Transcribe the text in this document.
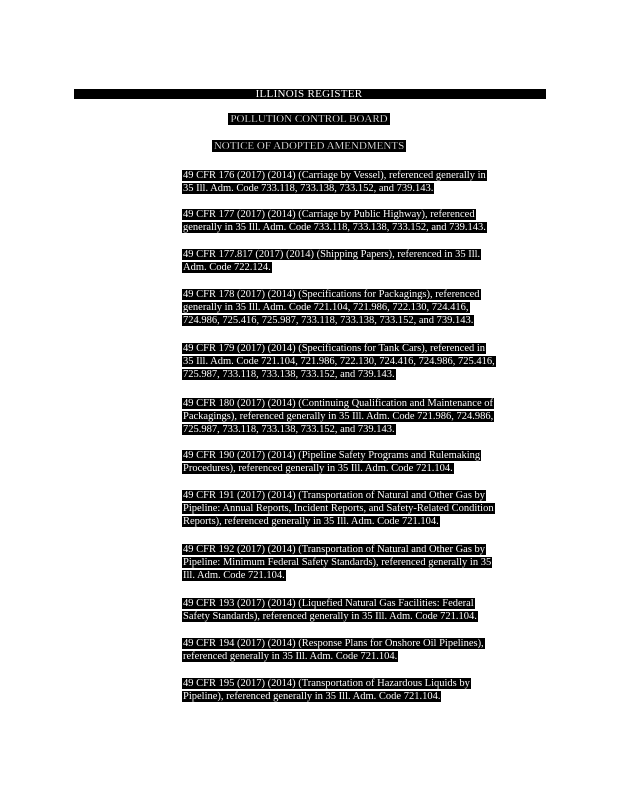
ILLINOIS REGISTER
POLLUTION CONTROL BOARD
NOTICE OF ADOPTED AMENDMENTS
49 CFR 176 (2017) (2014) (Carriage by Vessel), referenced generally in
35 Ill. Adm. Code 733.118, 733.138, 733.152, and 739.143.
49 CFR 177 (2017) (2014) (Carriage by Public Highway), referenced
generally in 35 Ill. Adm. Code 733.118, 733.138, 733.152, and 739.143.
49 CFR 177.817 (2017) (2014) (Shipping Papers), referenced in 35 Ill.
Adm. Code 722.124.
49 CFR 178 (2017) (2014) (Specifications for Packagings), referenced
generally in 35 Ill. Adm. Code 721.104, 721.986, 722.130, 724.416,
724.986, 725.416, 725.987, 733.118, 733.138, 733.152, and 739.143.
49 CFR 179 (2017) (2014) (Specifications for Tank Cars), referenced in
35 Ill. Adm. Code 721.104, 721.986, 722.130, 724.416, 724.986, 725.416,
725.987, 733.118, 733.138, 733.152, and 739.143.
49 CFR 180 (2017) (2014) (Continuing Qualification and Maintenance of
Packagings), referenced generally in 35 Ill. Adm. Code 721.986, 724.986,
725.987, 733.118, 733.138, 733.152, and 739.143.
49 CFR 190 (2017) (2014) (Pipeline Safety Programs and Rulemaking
Procedures), referenced generally in 35 Ill. Adm. Code 721.104.
49 CFR 191 (2017) (2014) (Transportation of Natural and Other Gas by
Pipeline: Annual Reports, Incident Reports, and Safety-Related Condition
Reports), referenced generally in 35 Ill. Adm. Code 721.104.
49 CFR 192 (2017) (2014) (Transportation of Natural and Other Gas by
Pipeline: Minimum Federal Safety Standards), referenced generally in 35
Ill. Adm. Code 721.104.
49 CFR 193 (2017) (2014) (Liquefied Natural Gas Facilities: Federal
Safety Standards), referenced generally in 35 Ill. Adm. Code 721.104.
49 CFR 194 (2017) (2014) (Response Plans for Onshore Oil Pipelines),
referenced generally in 35 Ill. Adm. Code 721.104.
49 CFR 195 (2017) (2014) (Transportation of Hazardous Liquids by
Pipeline), referenced generally in 35 Ill. Adm. Code 721.104.
